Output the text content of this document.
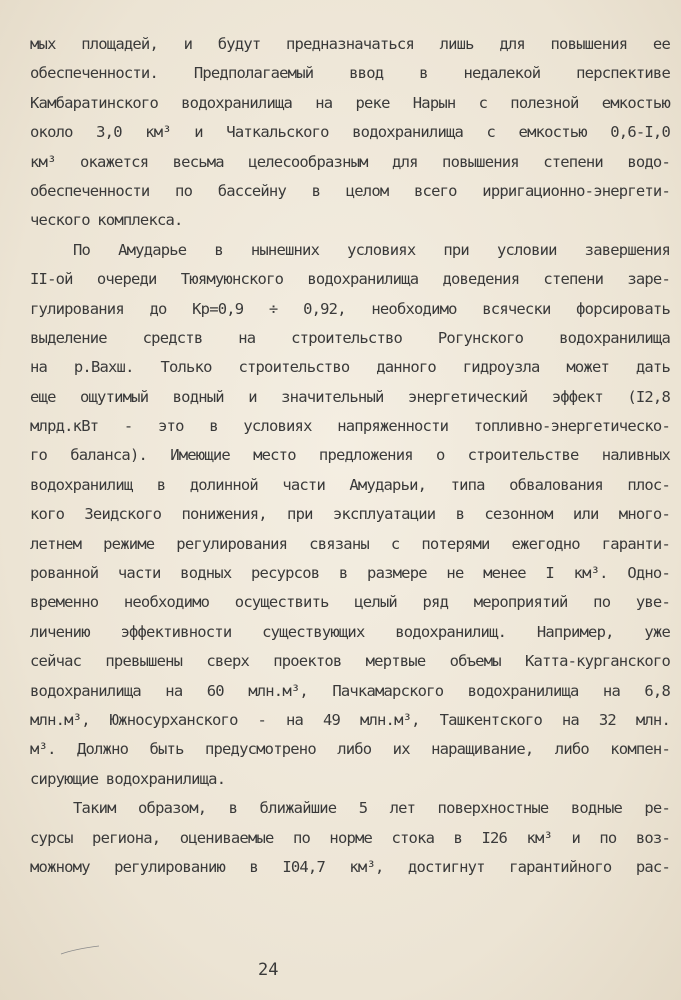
мых площадей, и будут предназначаться лишь для повышения ее
обеспеченности. Предполагаемый ввод в недалекой перспективе
Камбаратинского водохранилища на реке Нарын с полезной емкостью
около 3,0 км³ и Чаткальского водохранилища с емкостью 0,6-I,0
км³ окажется весьма целесообразным для повышения степени водо-
обеспеченности по бассейну в целом всего ирригационно-энергети-
ческого комплекса.
По Амударье в нынешних условиях при условии завершения
II-ой очереди Тюямуюнского водохранилища доведения степени заре-
гулирования до Кр=0,9 ÷ 0,92, необходимо всячески форсировать
выделение средств на строительство Рогунского водохранилища
на р.Вахш. Только строительство данного гидроузла может дать
еще ощутимый водный и значительный энергетический эффект (I2,8
млрд.кВт - это в условиях напряженности топливно-энергетическо-
го баланса). Имеющие место предложения о строительстве наливных
водохранилищ в долинной части Амударьи, типа обвалования плос-
кого Зеидского понижения, при эксплуатации в сезонном или много-
летнем режиме регулирования связаны с потерями ежегодно гаранти-
рованной части водных ресурсов в размере не менее I км³. Одно-
временно необходимо осуществить целый ряд мероприятий по уве-
личению эффективности существующих водохранилищ. Например, уже
сейчас превышены сверх проектов мертвые объемы Катта-курганского
водохранилища на 60 млн.м³, Пачкамарского водохранилища на 6,8
млн.м³, Южносурханского - на 49 млн.м³, Ташкентского на 32 млн.
м³. Должно быть предусмотрено либо их наращивание, либо компен-
сирующие водохранилища.
Таким образом, в ближайшие 5 лет поверхностные водные ре-
сурсы региона, оцениваемые по норме стока в I26 км³ и по воз-
можному регулированию в I04,7 км³, достигнут гарантийного рас-
24
